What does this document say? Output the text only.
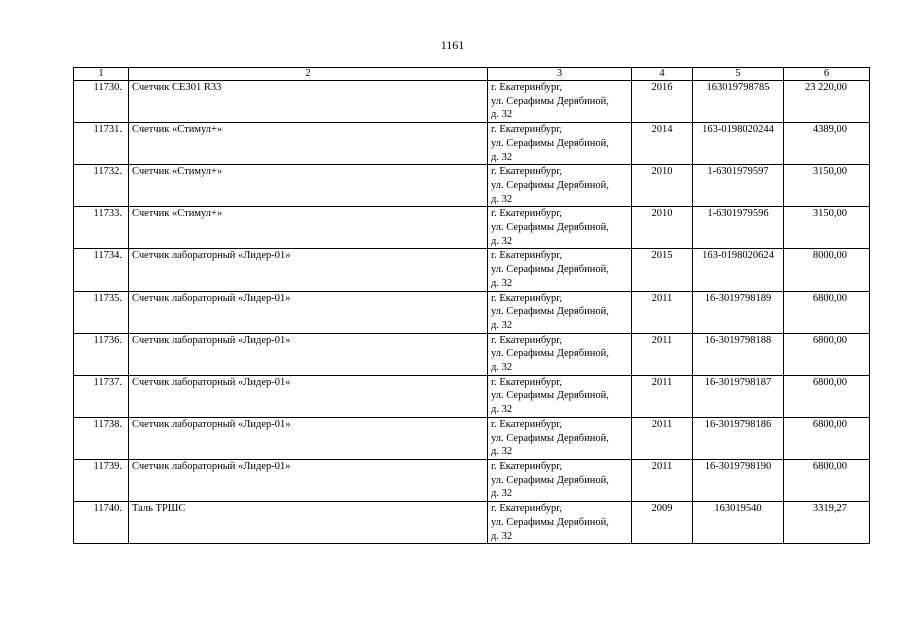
1161
1	2	3	4	5	6
11730.	Счетчик СЕ301 R33	г. Екатеринбург,
ул. Серафимы Дерябиной,
д. 32	2016	163019798785	23 220,00
11731.	Счетчик «Стимул+»	г. Екатеринбург,
ул. Серафимы Дерябиной,
д. 32	2014	163-0198020244	4389,00
11732.	Счетчик «Стимул+»	г. Екатеринбург,
ул. Серафимы Дерябиной,
д. 32	2010	1-6301979597	3150,00
11733.	Счетчик «Стимул+»	г. Екатеринбург,
ул. Серафимы Дерябиной,
д. 32	2010	1-6301979596	3150,00
11734.	Счетчик лабораторный «Лидер-01»	г. Екатеринбург,
ул. Серафимы Дерябиной,
д. 32	2015	163-0198020624	8000,00
11735.	Счетчик лабораторный «Лидер-01»	г. Екатеринбург,
ул. Серафимы Дерябиной,
д. 32	2011	16-3019798189	6800,00
11736.	Счетчик лабораторный «Лидер-01»	г. Екатеринбург,
ул. Серафимы Дерябиной,
д. 32	2011	16-3019798188	6800,00
11737.	Счетчик лабораторный «Лидер-01»	г. Екатеринбург,
ул. Серафимы Дерябиной,
д. 32	2011	16-3019798187	6800,00
11738.	Счетчик лабораторный «Лидер-01»	г. Екатеринбург,
ул. Серафимы Дерябиной,
д. 32	2011	16-3019798186	6800,00
11739.	Счетчик лабораторный «Лидер-01»	г. Екатеринбург,
ул. Серафимы Дерябиной,
д. 32	2011	16-3019798190	6800,00
11740.	Таль ТРШС	г. Екатеринбург,
ул. Серафимы Дерябиной,
д. 32	2009	163019540	3319,27
